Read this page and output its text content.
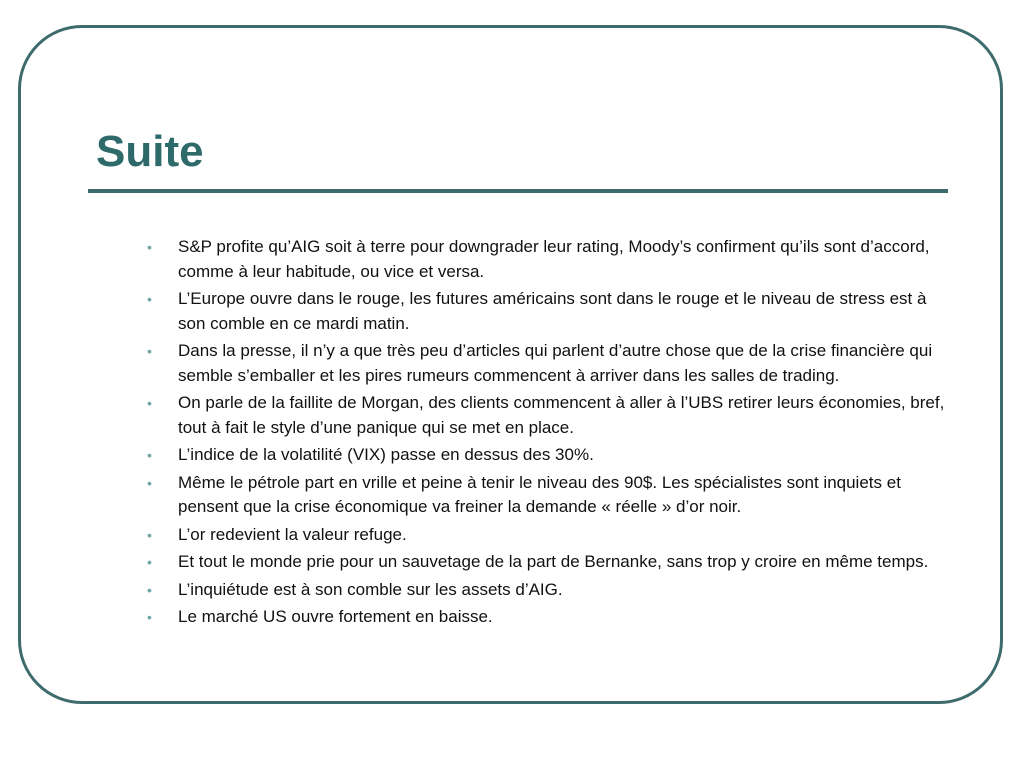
Suite
• S&P profite qu’AIG soit à terre pour downgrader leur rating, Moody’s confirment qu’ils sont d’accord, comme à leur habitude, ou vice et versa.
• L’Europe ouvre dans le rouge, les futures américains sont dans le rouge et le niveau de stress est à son comble en ce mardi matin.
• Dans la presse, il n’y a que très peu d’articles qui parlent d’autre chose que de la crise financière qui semble s’emballer et les pires rumeurs commencent à arriver dans les salles de trading.
• On parle de la faillite de Morgan, des clients commencent à aller à l’UBS retirer leurs économies, bref, tout à fait le style d’une panique qui se met en place.
• L’indice de la volatilité (VIX) passe en dessus des 30%.
• Même le pétrole part en vrille et peine à tenir le niveau des 90$. Les spécialistes sont inquiets et pensent que la crise économique va freiner la demande « réelle » d’or noir.
• L’or redevient la valeur refuge.
• Et tout le monde prie pour un sauvetage de la part de Bernanke, sans trop y croire en même temps.
• L’inquiétude est à son comble sur les assets d’AIG.
• Le marché US ouvre fortement en baisse.
